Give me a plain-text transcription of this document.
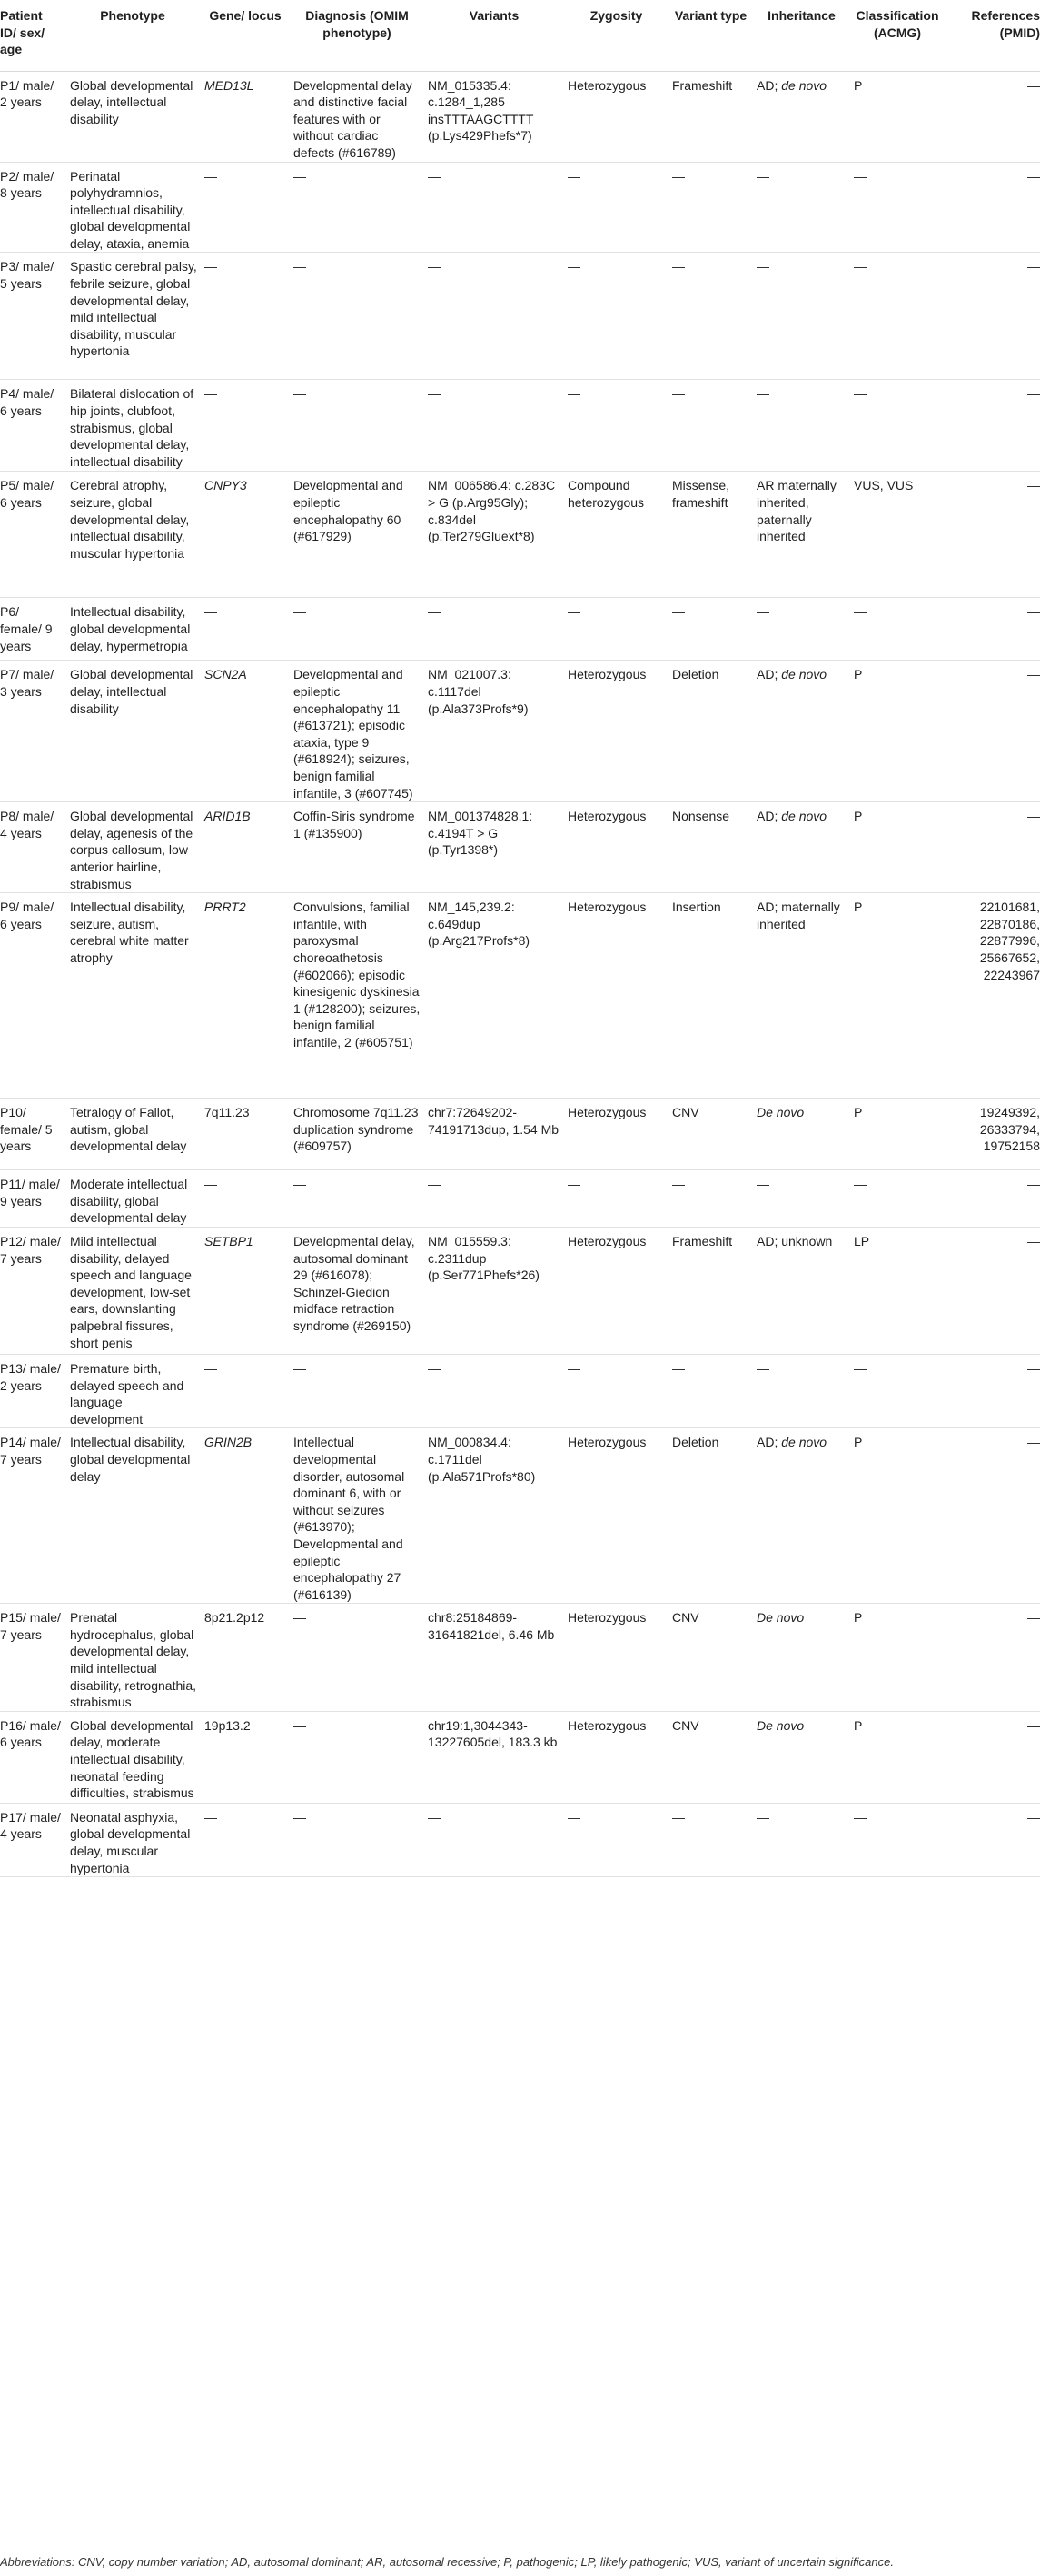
Patient ID/ sex/ age	Phenotype	Gene/ locus	Diagnosis (OMIM phenotype)	Variants	Zygosity	Variant type	Inheritance	Classification (ACMG)	References (PMID)
P1/ male/ 2 years	Global developmental delay, intellectual disability	MED13L	Developmental delay and distinctive facial features with or without cardiac defects (#616789)	NM_015335.4: c.1284_1,285 insTTTAAGCTTTT (p.Lys429Phefs*7)	Heterozygous	Frameshift	AD; de novo	P	—
P2/ male/ 8 years	Perinatal polyhydramnios, intellectual disability, global developmental delay, ataxia, anemia	—	—	—	—	—	—	—	—
P3/ male/ 5 years	Spastic cerebral palsy, febrile seizure, global developmental delay, mild intellectual disability, muscular hypertonia	—	—	—	—	—	—	—	—
P4/ male/ 6 years	Bilateral dislocation of hip joints, clubfoot, strabismus, global developmental delay, intellectual disability	—	—	—	—	—	—	—	—
P5/ male/ 6 years	Cerebral atrophy, seizure, global developmental delay, intellectual disability, muscular hypertonia	CNPY3	Developmental and epileptic encephalopathy 60 (#617929)	NM_006586.4: c.283C > G (p.Arg95Gly); c.834del (p.Ter279Gluext*8)	Compound heterozygous	Missense, frameshift	AR maternally inherited, paternally inherited	VUS, VUS	—
P6/ female/ 9 years	Intellectual disability, global developmental delay, hypermetropia	—	—	—	—	—	—	—	—
P7/ male/ 3 years	Global developmental delay, intellectual disability	SCN2A	Developmental and epileptic encephalopathy 11 (#613721); episodic ataxia, type 9 (#618924); seizures, benign familial infantile, 3 (#607745)	NM_021007.3: c.1117del (p.Ala373Profs*9)	Heterozygous	Deletion	AD; de novo	P	—
P8/ male/ 4 years	Global developmental delay, agenesis of the corpus callosum, low anterior hairline, strabismus	ARID1B	Coffin-Siris syndrome 1 (#135900)	NM_001374828.1: c.4194T > G (p.Tyr1398*)	Heterozygous	Nonsense	AD; de novo	P	—
P9/ male/ 6 years	Intellectual disability, seizure, autism, cerebral white matter atrophy	PRRT2	Convulsions, familial infantile, with paroxysmal choreoathetosis (#602066); episodic kinesigenic dyskinesia 1 (#128200); seizures, benign familial infantile, 2 (#605751)	NM_145,239.2: c.649dup (p.Arg217Profs*8)	Heterozygous	Insertion	AD; maternally inherited	P	22101681, 22870186, 22877996, 25667652, 22243967
P10/ female/ 5 years	Tetralogy of Fallot, autism, global developmental delay	7q11.23	Chromosome 7q11.23 duplication syndrome (#609757)	chr7:72649202-74191713dup, 1.54 Mb	Heterozygous	CNV	De novo	P	19249392, 26333794, 19752158
P11/ male/ 9 years	Moderate intellectual disability, global developmental delay	—	—	—	—	—	—	—	—
P12/ male/ 7 years	Mild intellectual disability, delayed speech and language development, low-set ears, downslanting palpebral fissures, short penis	SETBP1	Developmental delay, autosomal dominant 29 (#616078); Schinzel-Giedion midface retraction syndrome (#269150)	NM_015559.3: c.2311dup (p.Ser771Phefs*26)	Heterozygous	Frameshift	AD; unknown	LP	—
P13/ male/ 2 years	Premature birth, delayed speech and language development	—	—	—	—	—	—	—	—
P14/ male/ 7 years	Intellectual disability, global developmental delay	GRIN2B	Intellectual developmental disorder, autosomal dominant 6, with or without seizures (#613970); Developmental and epileptic encephalopathy 27 (#616139)	NM_000834.4: c.1711del (p.Ala571Profs*80)	Heterozygous	Deletion	AD; de novo	P	—
P15/ male/ 7 years	Prenatal hydrocephalus, global developmental delay, mild intellectual disability, retrognathia, strabismus	8p21.2p12	—	chr8:25184869-31641821del, 6.46 Mb	Heterozygous	CNV	De novo	P	—
P16/ male/ 6 years	Global developmental delay, moderate intellectual disability, neonatal feeding difficulties, strabismus	19p13.2	—	chr19:1,3044343-13227605del, 183.3 kb	Heterozygous	CNV	De novo	P	—
P17/ male/ 4 years	Neonatal asphyxia, global developmental delay, muscular hypertonia	—	—	—	—	—	—	—	—
Abbreviations: CNV, copy number variation; AD, autosomal dominant; AR, autosomal recessive; P, pathogenic; LP, likely pathogenic; VUS, variant of uncertain significance.
